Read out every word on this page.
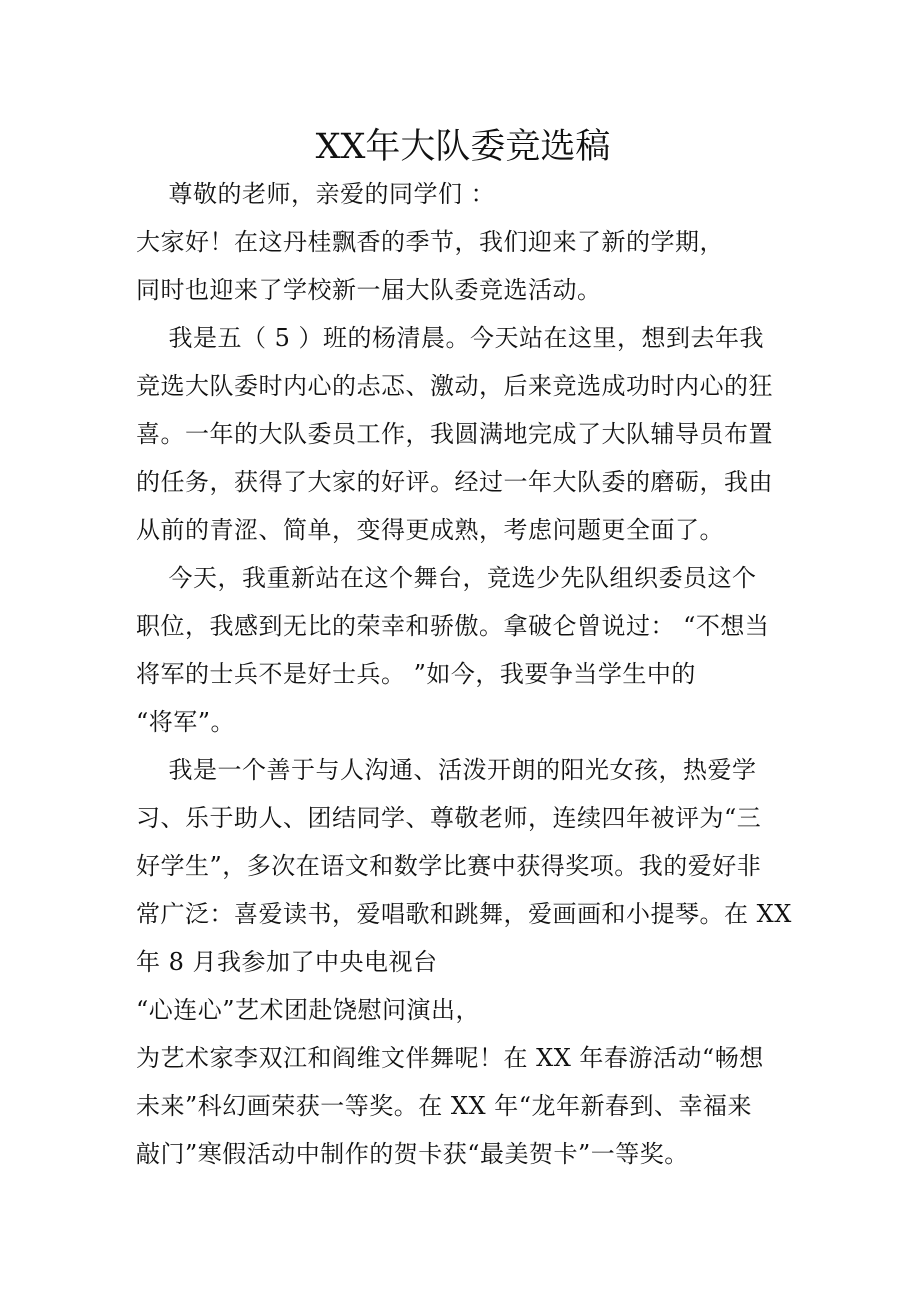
XX年大队委竞选稿
尊敬的老师，亲爱的同学们 ：
大家好！在这丹桂飘香的季节，我们迎来了新的学期，
同时也迎来了学校新一届大队委竞选活动。
我是五（ 5 ）班的杨清晨。今天站在这里，想到去年我
竞选大队委时内心的忐忑、激动，后来竞选成功时内心的狂
喜。一年的大队委员工作，我圆满地完成了大队辅导员布置
的任务，获得了大家的好评。经过一年大队委的磨砺，我由
从前的青涩、简单，变得更成熟，考虑问题更全面了。
今天，我重新站在这个舞台，竞选少先队组织委员这个
职位，我感到无比的荣幸和骄傲。拿破仑曾说过： “不想当
将军的士兵不是好士兵。 ”如今，我要争当学生中的
“将军”。
我是一个善于与人沟通、活泼开朗的阳光女孩，热爱学
习、乐于助人、团结同学、尊敬老师，连续四年被评为“三
好学生”，多次在语文和数学比赛中获得奖项。我的爱好非
常广泛：喜爱读书，爱唱歌和跳舞，爱画画和小提琴。在 XX
年 8 月我参加了中央电视台
“心连心”艺术团赴饶慰问演出，
为艺术家李双江和阎维文伴舞呢！在 XX 年春游活动“畅想
未来”科幻画荣获一等奖。在 XX 年“龙年新春到、幸福来
敲门”寒假活动中制作的贺卡获“最美贺卡”一等奖。
